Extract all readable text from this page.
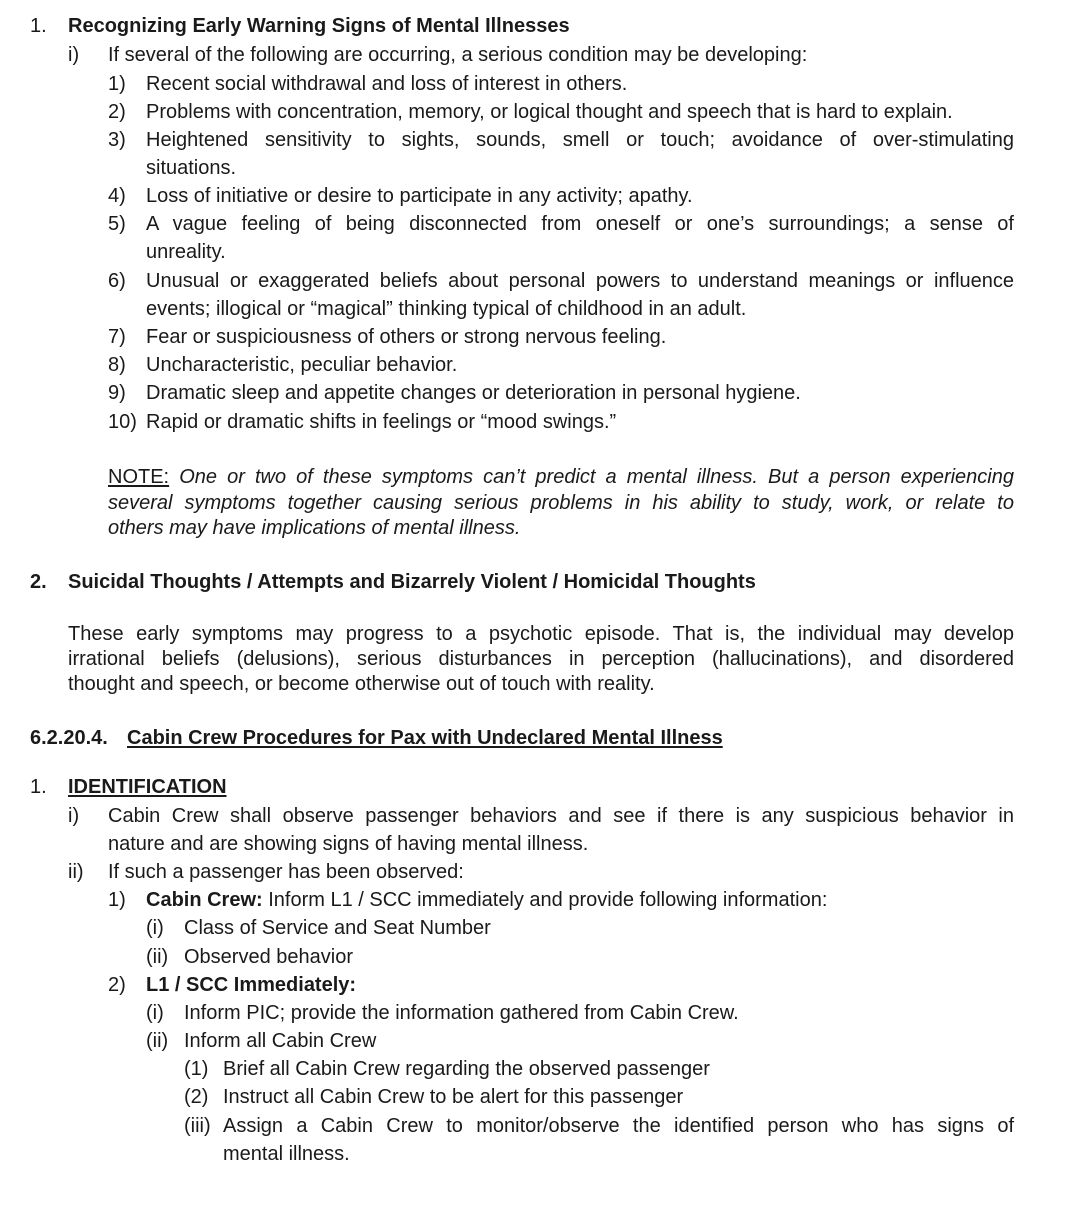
1. Recognizing Early Warning Signs of Mental Illnesses
i) If several of the following are occurring, a serious condition may be developing:
1) Recent social withdrawal and loss of interest in others.
2) Problems with concentration, memory, or logical thought and speech that is hard to explain.
3) Heightened sensitivity to sights, sounds, smell or touch; avoidance of over-stimulating
situations.
4) Loss of initiative or desire to participate in any activity; apathy.
5) A vague feeling of being disconnected from oneself or one’s surroundings; a sense of
unreality.
6) Unusual or exaggerated beliefs about personal powers to understand meanings or influence
events; illogical or “magical” thinking typical of childhood in an adult.
7) Fear or suspiciousness of others or strong nervous feeling.
8) Uncharacteristic, peculiar behavior.
9) Dramatic sleep and appetite changes or deterioration in personal hygiene.
10) Rapid or dramatic shifts in feelings or “mood swings.”
NOTE: One or two of these symptoms can’t predict a mental illness. But a person experiencing
several symptoms together causing serious problems in his ability to study, work, or relate to
others may have implications of mental illness.
2. Suicidal Thoughts / Attempts and Bizarrely Violent / Homicidal Thoughts
These early symptoms may progress to a psychotic episode. That is, the individual may develop
irrational beliefs (delusions), serious disturbances in perception (hallucinations), and disordered
thought and speech, or become otherwise out of touch with reality.
6.2.20.4. Cabin Crew Procedures for Pax with Undeclared Mental Illness
1. IDENTIFICATION
i) Cabin Crew shall observe passenger behaviors and see if there is any suspicious behavior in
nature and are showing signs of having mental illness.
ii) If such a passenger has been observed:
1) Cabin Crew: Inform L1 / SCC immediately and provide following information:
(i) Class of Service and Seat Number
(ii) Observed behavior
2) L1 / SCC Immediately:
(i) Inform PIC; provide the information gathered from Cabin Crew.
(ii) Inform all Cabin Crew
(1) Brief all Cabin Crew regarding the observed passenger
(2) Instruct all Cabin Crew to be alert for this passenger
(iii) Assign a Cabin Crew to monitor/observe the identified person who has signs of
mental illness.
